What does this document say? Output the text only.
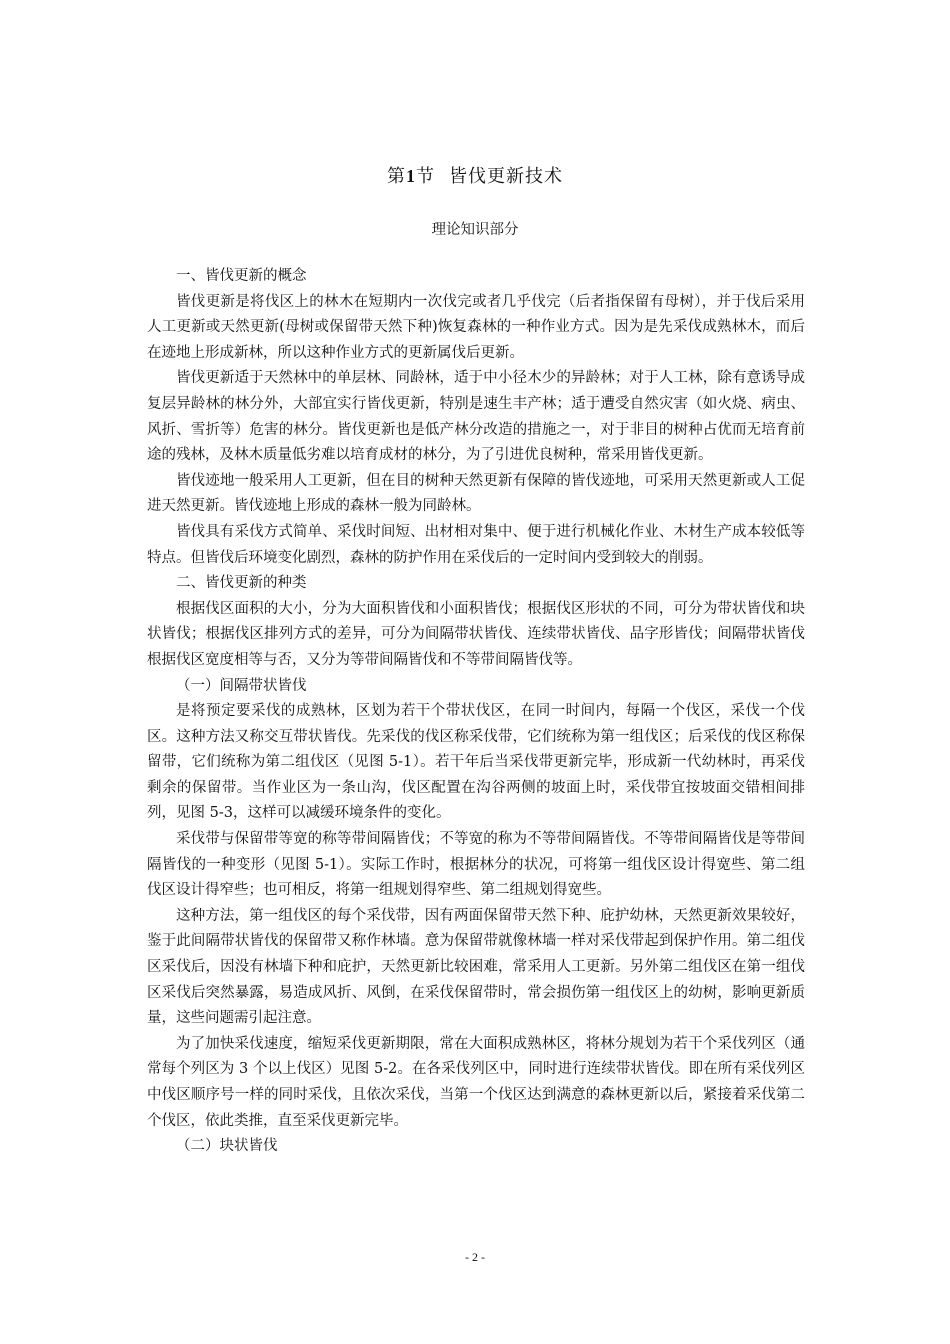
第1节 皆伐更新技术
理论知识部分

一、皆伐更新的概念

皆伐更新是将伐区上的林木在短期内一次伐完或者几乎伐完（后者指保留有母树），并于伐后采用人工更新或天然更新(母树或保留带天然下种)恢复森林的一种作业方式。因为是先采伐成熟林木，而后在迹地上形成新林，所以这种作业方式的更新属伐后更新。

皆伐更新适于天然林中的单层林、同龄林，适于中小径木少的异龄林；对于人工林，除有意诱导成复层异龄林的林分外，大部宜实行皆伐更新，特别是速生丰产林；适于遭受自然灾害（如火烧、病虫、风折、雪折等）危害的林分。皆伐更新也是低产林分改造的措施之一，对于非目的树种占优而无培育前途的残林，及林木质量低劣难以培育成材的林分，为了引进优良树种，常采用皆伐更新。

皆伐迹地一般采用人工更新，但在目的树种天然更新有保障的皆伐迹地，可采用天然更新或人工促进天然更新。皆伐迹地上形成的森林一般为同龄林。

皆伐具有采伐方式简单、采伐时间短、出材相对集中、便于进行机械化作业、木材生产成本较低等特点。但皆伐后环境变化剧烈，森林的防护作用在采伐后的一定时间内受到较大的削弱。

二、皆伐更新的种类

根据伐区面积的大小，分为大面积皆伐和小面积皆伐；根据伐区形状的不同，可分为带状皆伐和块状皆伐；根据伐区排列方式的差异，可分为间隔带状皆伐、连续带状皆伐、品字形皆伐；间隔带状皆伐根据伐区宽度相等与否，又分为等带间隔皆伐和不等带间隔皆伐等。

（一）间隔带状皆伐

是将预定要采伐的成熟林，区划为若干个带状伐区，在同一时间内，每隔一个伐区，采伐一个伐区。这种方法又称交互带状皆伐。先采伐的伐区称采伐带，它们统称为第一组伐区；后采伐的伐区称保留带，它们统称为第二组伐区（见图 5-1）。若干年后当采伐带更新完毕，形成新一代幼林时，再采伐剩余的保留带。当作业区为一条山沟，伐区配置在沟谷两侧的坡面上时，采伐带宜按坡面交错相间排列，见图 5-3，这样可以减缓环境条件的变化。

采伐带与保留带等宽的称等带间隔皆伐；不等宽的称为不等带间隔皆伐。不等带间隔皆伐是等带间隔皆伐的一种变形（见图 5-1）。实际工作时，根据林分的状况，可将第一组伐区设计得宽些、第二组伐区设计得窄些；也可相反，将第一组规划得窄些、第二组规划得宽些。

这种方法，第一组伐区的每个采伐带，因有两面保留带天然下种、庇护幼林，天然更新效果较好，鉴于此间隔带状皆伐的保留带又称作林墙。意为保留带就像林墙一样对采伐带起到保护作用。第二组伐区采伐后，因没有林墙下种和庇护，天然更新比较困难，常采用人工更新。另外第二组伐区在第一组伐区采伐后突然暴露，易造成风折、风倒，在采伐保留带时，常会损伤第一组伐区上的幼树，影响更新质量，这些问题需引起注意。

为了加快采伐速度，缩短采伐更新期限，常在大面积成熟林区，将林分规划为若干个采伐列区（通常每个列区为 3 个以上伐区）见图 5-2。在各采伐列区中，同时进行连续带状皆伐。即在所有采伐列区中伐区顺序号一样的同时采伐，且依次采伐，当第一个伐区达到满意的森林更新以后，紧接着采伐第二个伐区，依此类推，直至采伐更新完毕。

（二）块状皆伐

- 2 -
